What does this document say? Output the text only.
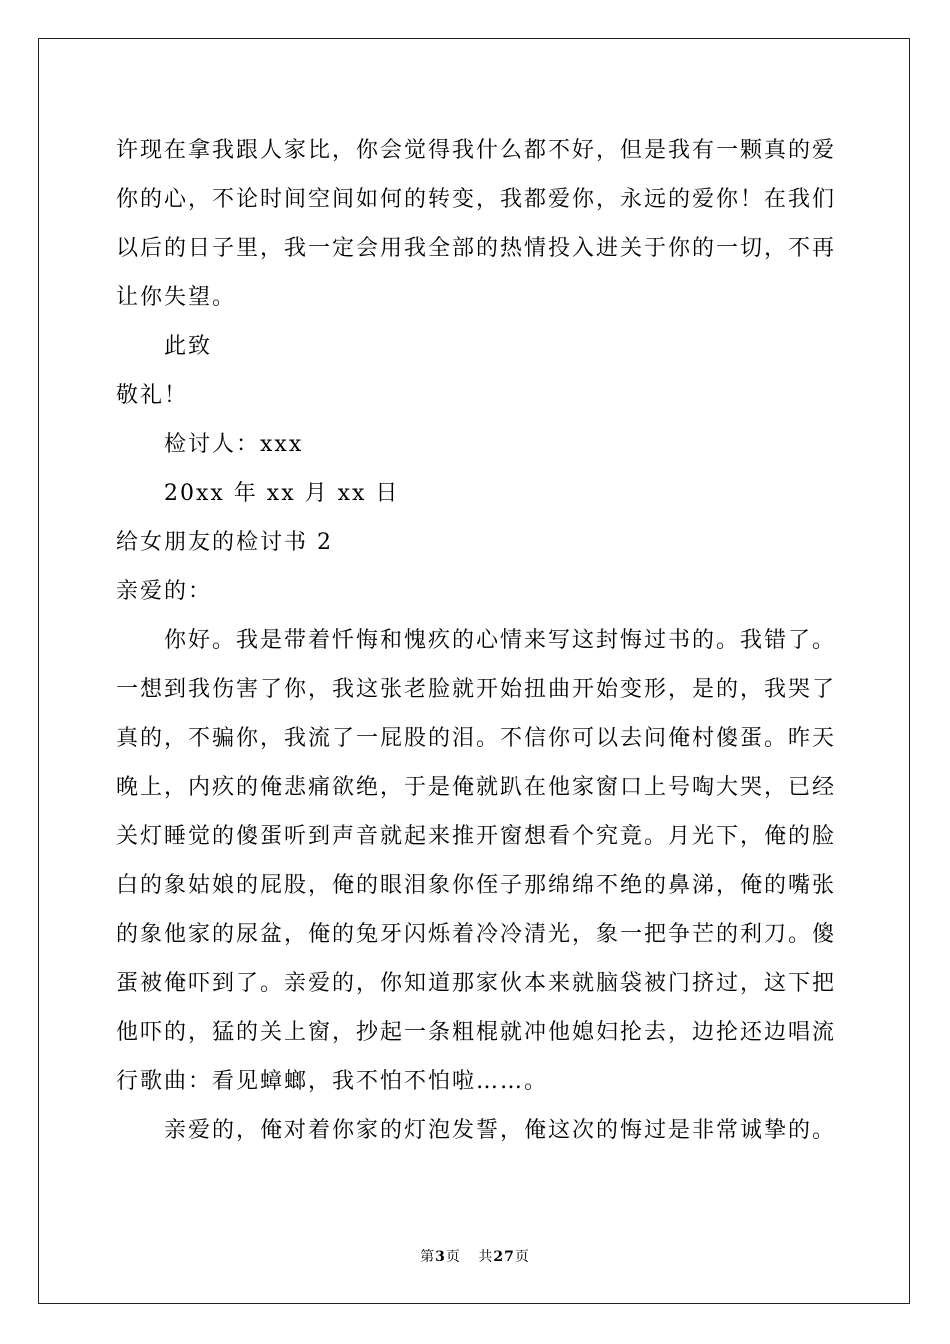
许现在拿我跟人家比，你会觉得我什么都不好，但是我有一颗真的爱你的心，不论时间空间如何的转变，我都爱你，永远的爱你！在我们以后的日子里，我一定会用我全部的热情投入进关于你的一切，不再让你失望。

此致

敬礼！

检讨人：xxx

20xx 年 xx 月 xx 日

给女朋友的检讨书 2

亲爱的：

你好。我是带着忏悔和愧疚的心情来写这封悔过书的。我错了。一想到我伤害了你，我这张老脸就开始扭曲开始变形，是的，我哭了真的，不骗你，我流了一屁股的泪。不信你可以去问俺村傻蛋。昨天晚上，内疚的俺悲痛欲绝，于是俺就趴在他家窗口上号啕大哭，已经关灯睡觉的傻蛋听到声音就起来推开窗想看个究竟。月光下，俺的脸白的象姑娘的屁股，俺的眼泪象你侄子那绵绵不绝的鼻涕，俺的嘴张的象他家的尿盆，俺的兔牙闪烁着冷冷清光，象一把争芒的利刀。傻蛋被俺吓到了。亲爱的，你知道那家伙本来就脑袋被门挤过，这下把他吓的，猛的关上窗，抄起一条粗棍就冲他媳妇抡去，边抡还边唱流行歌曲：看见蟑螂，我不怕不怕啦……。

亲爱的，俺对着你家的灯泡发誓，俺这次的悔过是非常诚挚的。

第3页 共27页
